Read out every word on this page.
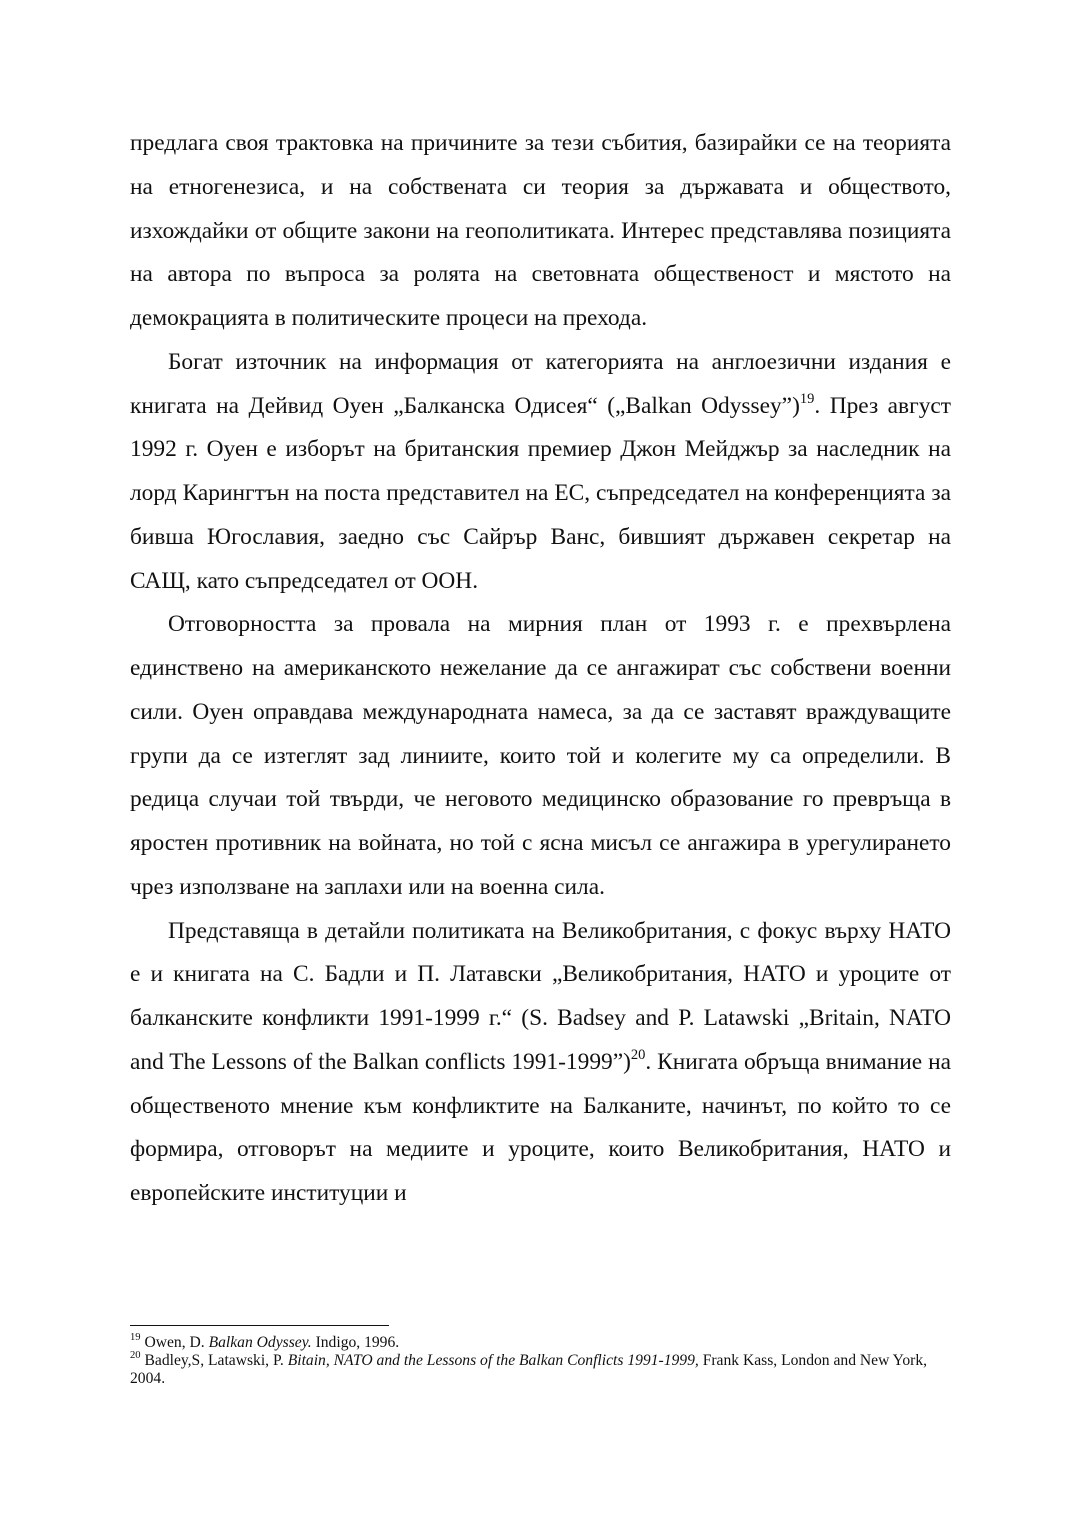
предлага своя трактовка на причините за тези събития, базирайки се на теорията на етногенезиса, и на собствената си теория за държавата и обществото, изхождайки от общите закони на геополитиката. Интерес представлява позицията на автора по въпроса за ролята на световната общественост и мястото на демокрацията в политическите процеси на прехода.

Богат източник на информация от категорията на англоезични издания е книгата на Дейвид Оуен „Балканска Одисея“ („Balkan Odyssey”)$^{19}$. През август 1992 г. Оуен е изборът на британския премиер Джон Мейджър за наследник на лорд Карингтън на поста представител на ЕС, съпредседател на конференцията за бивша Югославия, заедно със Сайрър Ванс, бившият държавен секретар на САЩ, като съпредседател от ООН.

Отговорността за провала на мирния план от 1993 г. е прехвърлена единствено на американското нежелание да се ангажират със собствени военни сили. Оуен оправдава международната намеса, за да се заставят враждуващите групи да се изтеглят зад линиите, които той и колегите му са определили. В редица случаи той твърди, че неговото медицинско образование го превръща в яростен противник на войната, но той с ясна мисъл се ангажира в урегулирането чрез използване на заплахи или на военна сила.

Представяща в детайли политиката на Великобритания, с фокус върху НАТО е и книгата на С. Бадли и П. Латавски „Великобритания, НАТО и уроците от балканските конфликти 1991-1999 г.“ (S. Badsey and P. Latawski „Britain, NATO and The Lessons of the Balkan conflicts 1991-1999”)$^{20}$. Книгата обръща внимание на общественото мнение към конфликтите на Балканите, начинът, по който то се формира, отговорът на медиите и уроците, които Великобритания, НАТО и европейските институции и

$^{19}$ Owen, D. Balkan Odyssey. Indigo, 1996.

$^{20}$ Badley,S, Latawski, P. Bitain, NATO and the Lessons of the Balkan Conflicts 1991-1999, Frank Kass, London and New York, 2004.
